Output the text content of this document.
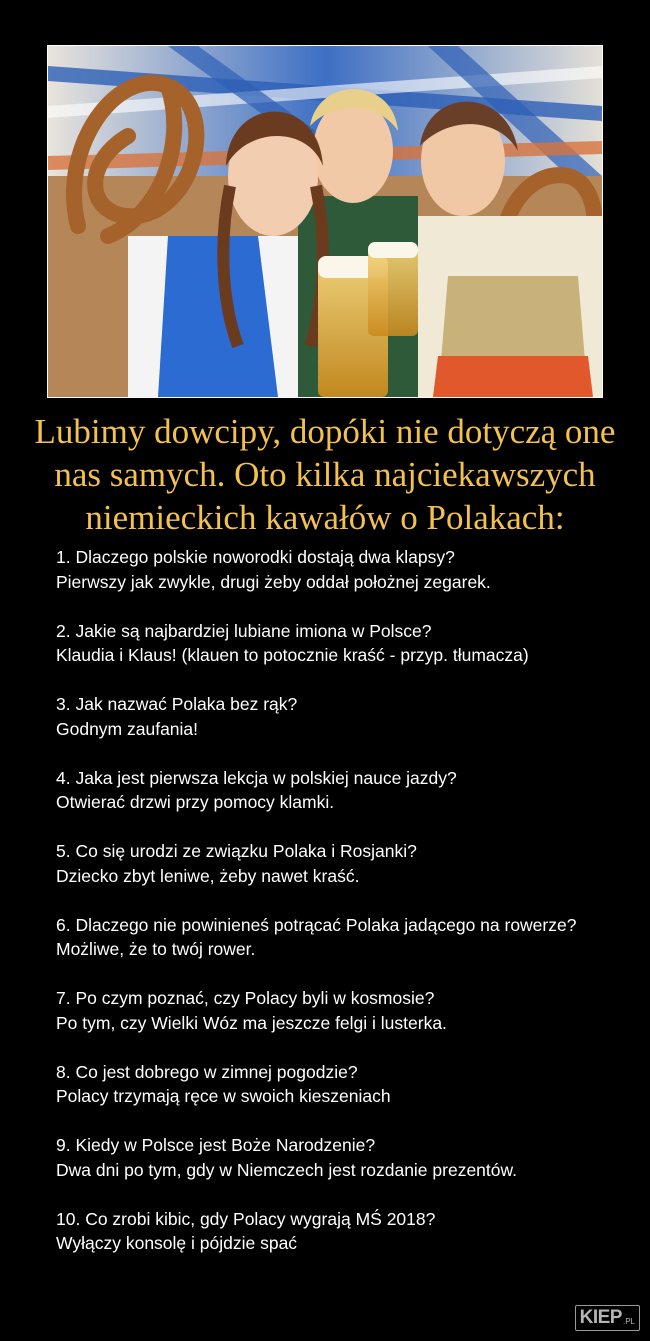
Lubimy dowcipy, dopóki nie dotyczą one nas samych. Oto kilka najciekawszych niemieckich kawałów o Polakach:

1. Dlaczego polskie noworodki dostają dwa klapsy?

Pierwszy jak zwykle, drugi żeby oddał położnej zegarek.

2. Jakie są najbardziej lubiane imiona w Polsce?

Klaudia i Klaus! (klauen to potocznie kraść - przyp. tłumacza)

3. Jak nazwać Polaka bez rąk?

Godnym zaufania!

4. Jaka jest pierwsza lekcja w polskiej nauce jazdy?

Otwierać drzwi przy pomocy klamki.

5. Co się urodzi ze związku Polaka i Rosjanki?

Dziecko zbyt leniwe, żeby nawet kraść.

6. Dlaczego nie powinieneś potrącać Polaka jadącego na rowerze?

Możliwe, że to twój rower.

7. Po czym poznać, czy Polacy byli w kosmosie?

Po tym, czy Wielki Wóz ma jeszcze felgi i lusterka.

8. Co jest dobrego w zimnej pogodzie?

Polacy trzymają ręce w swoich kieszeniach

9. Kiedy w Polsce jest Boże Narodzenie?

Dwa dni po tym, gdy w Niemczech jest rozdanie prezentów.

10. Co zrobi kibic, gdy Polacy wygrają MŚ 2018?

Wyłączy konsolę i pójdzie spać

KIEP .PL
